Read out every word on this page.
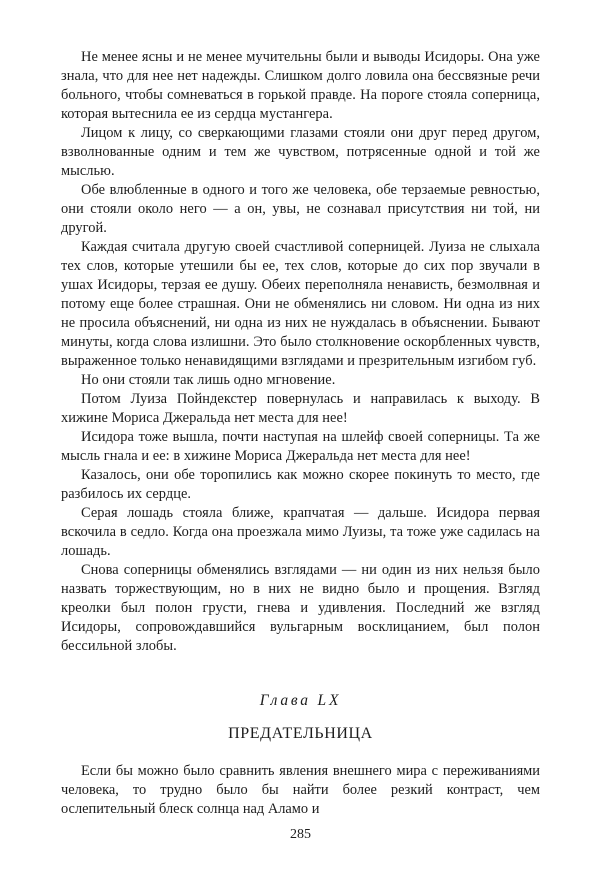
Не менее ясны и не менее мучительны были и выводы Исидоры. Она уже знала, что для нее нет надежды. Слишком долго ловила она бессвязные речи больного, чтобы сомневаться в горькой правде. На пороге стояла соперница, которая вытеснила ее из сердца мустангера.

Лицом к лицу, со сверкающими глазами стояли они друг перед другом, взволнованные одним и тем же чувством, потрясенные одной и той же мыслью.

Обе влюбленные в одного и того же человека, обе терзаемые ревностью, они стояли около него — а он, увы, не сознавал присутствия ни той, ни другой.

Каждая считала другую своей счастливой соперницей. Луиза не слыхала тех слов, которые утешили бы ее, тех слов, которые до сих пор звучали в ушах Исидоры, терзая ее душу. Обеих переполняла ненависть, безмолвная и потому еще более страшная. Они не обменялись ни словом. Ни одна из них не просила объяснений, ни одна из них не нуждалась в объяснении. Бывают минуты, когда слова излишни. Это было столкновение оскорбленных чувств, выраженное только ненавидящими взглядами и презрительным изгибом губ.

Но они стояли так лишь одно мгновение.

Потом Луиза Пойндекстер повернулась и направилась к выходу. В хижине Мориса Джеральда нет места для нее!

Исидора тоже вышла, почти наступая на шлейф своей соперницы. Та же мысль гнала и ее: в хижине Мориса Джеральда нет места для нее!

Казалось, они обе торопились как можно скорее покинуть то место, где разбилось их сердце.

Серая лошадь стояла ближе, крапчатая — дальше. Исидора первая вскочила в седло. Когда она проезжала мимо Луизы, та тоже уже садилась на лошадь.

Снова соперницы обменялись взглядами — ни один из них нельзя было назвать торжествующим, но в них не видно было и прощения. Взгляд креолки был полон грусти, гнева и удивления. Последний же взгляд Исидоры, сопровождавшийся вульгарным восклицанием, был полон бессильной злобы.

Глава LX
ПРЕДАТЕЛЬНИЦА

Если бы можно было сравнить явления внешнего мира с переживаниями человека, то трудно было бы найти более резкий контраст, чем ослепительный блеск солнца над Аламо и

285
